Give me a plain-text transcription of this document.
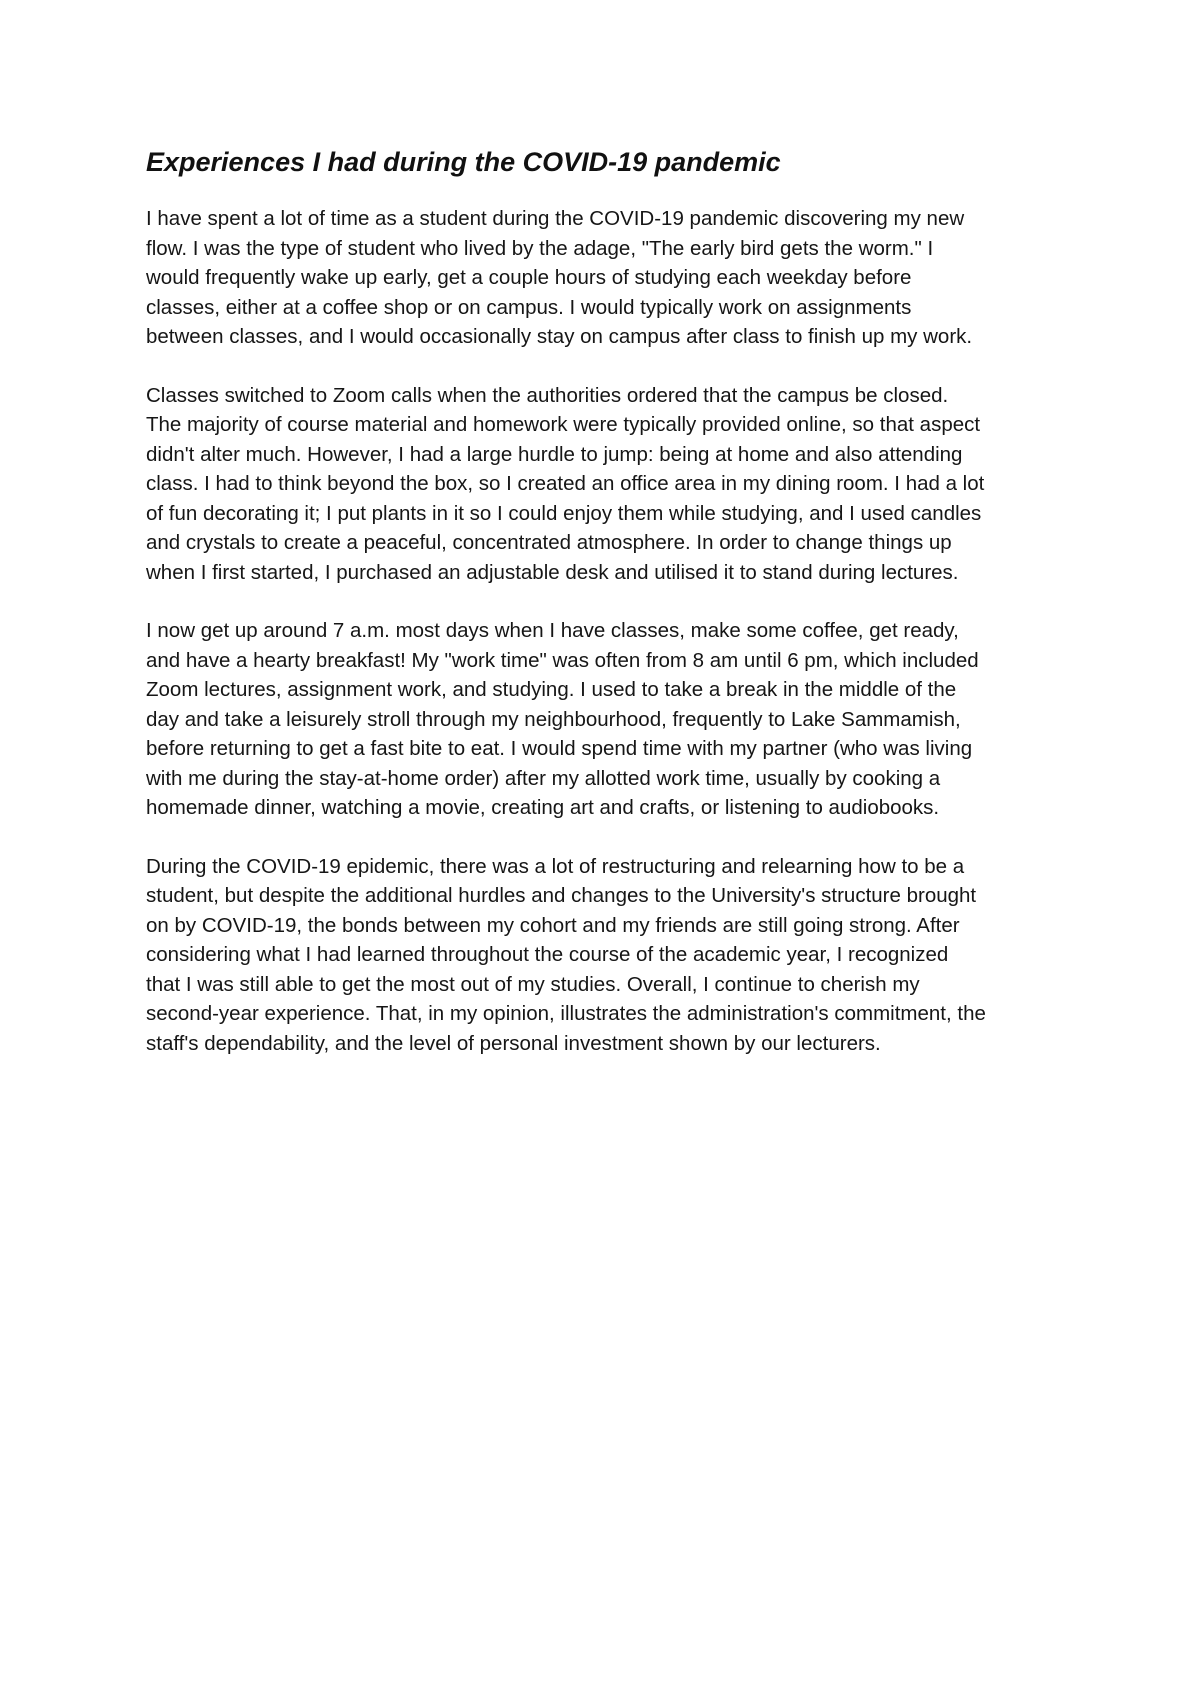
Experiences I had during the COVID-19 pandemic

I have spent a lot of time as a student during the COVID-19 pandemic discovering my new
flow. I was the type of student who lived by the adage, "The early bird gets the worm." I
would frequently wake up early, get a couple hours of studying each weekday before
classes, either at a coffee shop or on campus. I would typically work on assignments
between classes, and I would occasionally stay on campus after class to finish up my work.

Classes switched to Zoom calls when the authorities ordered that the campus be closed.
The majority of course material and homework were typically provided online, so that aspect
didn't alter much. However, I had a large hurdle to jump: being at home and also attending
class. I had to think beyond the box, so I created an office area in my dining room. I had a lot
of fun decorating it; I put plants in it so I could enjoy them while studying, and I used candles
and crystals to create a peaceful, concentrated atmosphere. In order to change things up
when I first started, I purchased an adjustable desk and utilised it to stand during lectures.

I now get up around 7 a.m. most days when I have classes, make some coffee, get ready,
and have a hearty breakfast! My "work time" was often from 8 am until 6 pm, which included
Zoom lectures, assignment work, and studying. I used to take a break in the middle of the
day and take a leisurely stroll through my neighbourhood, frequently to Lake Sammamish,
before returning to get a fast bite to eat. I would spend time with my partner (who was living
with me during the stay-at-home order) after my allotted work time, usually by cooking a
homemade dinner, watching a movie, creating art and crafts, or listening to audiobooks.

During the COVID-19 epidemic, there was a lot of restructuring and relearning how to be a
student, but despite the additional hurdles and changes to the University's structure brought
on by COVID-19, the bonds between my cohort and my friends are still going strong. After
considering what I had learned throughout the course of the academic year, I recognized
that I was still able to get the most out of my studies. Overall, I continue to cherish my
second-year experience. That, in my opinion, illustrates the administration's commitment, the
staff's dependability, and the level of personal investment shown by our lecturers.
